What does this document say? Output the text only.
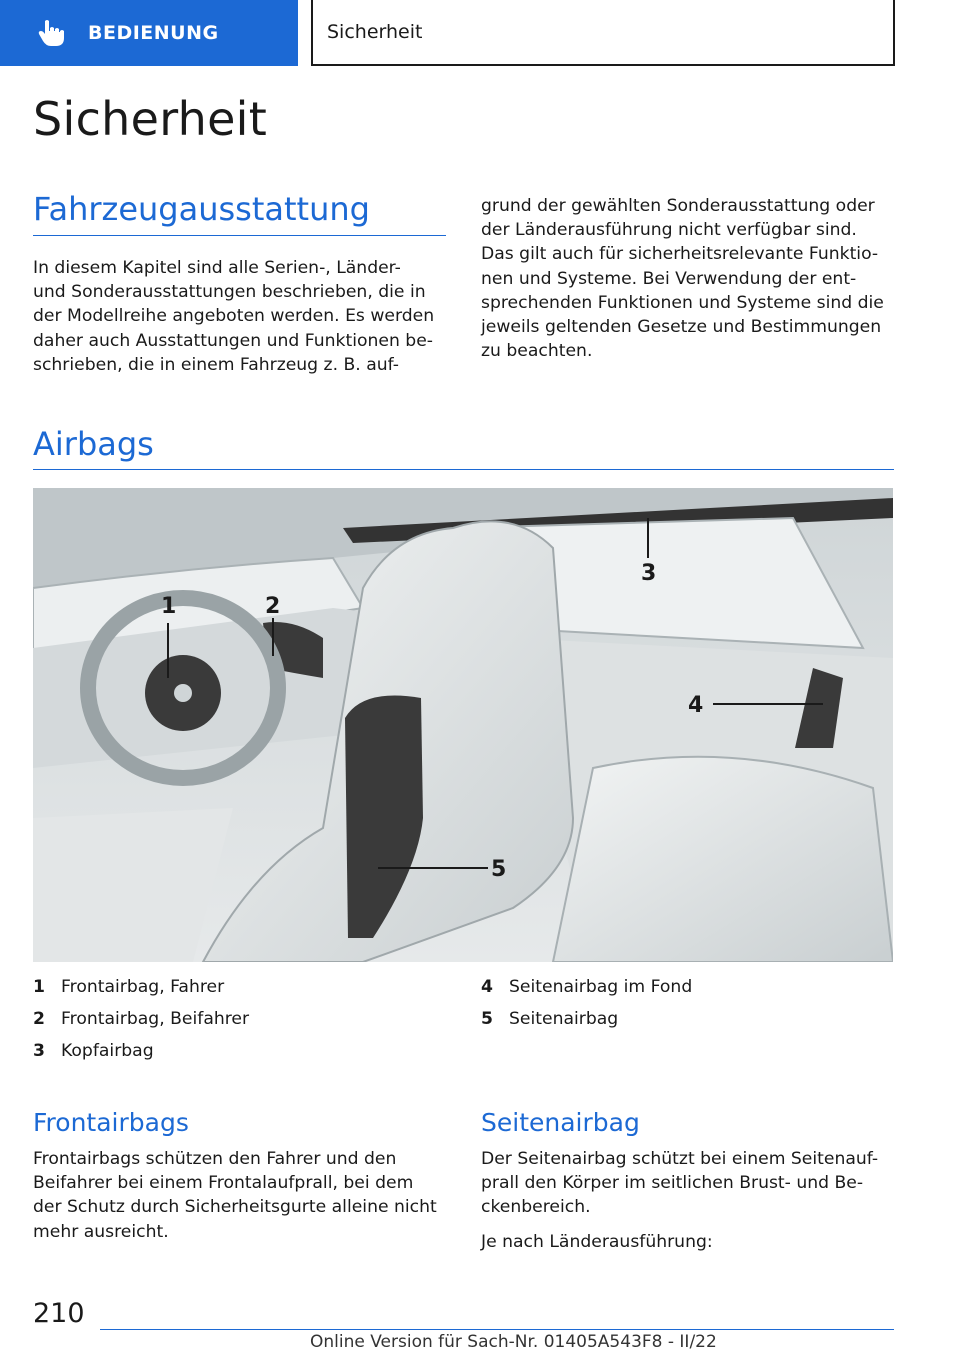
BEDIENUNG	Sicherheit
Sicherheit
Fahrzeugausstattung
In diesem Kapitel sind alle Serien-, Länder-
und Sonderausstattungen beschrieben, die in
der Modellreihe angeboten werden. Es werden
daher auch Ausstattungen und Funktionen be-
schrieben, die in einem Fahrzeug z. B. auf-
grund der gewählten Sonderausstattung oder
der Länderausführung nicht verfügbar sind.
Das gilt auch für sicherheitsrelevante Funktio-
nen und Systeme. Bei Verwendung der ent-
sprechenden Funktionen und Systeme sind die
jeweils geltenden Gesetze und Bestimmungen
zu beachten.
Airbags
1	2
3
4
5
1 Frontairbag, Fahrer
2 Frontairbag, Beifahrer
3 Kopfairbag
4 Seitenairbag im Fond
5 Seitenairbag
Frontairbags
Frontairbags schützen den Fahrer und den
Beifahrer bei einem Frontalaufprall, bei dem
der Schutz durch Sicherheitsgurte alleine nicht
mehr ausreicht.
Seitenairbag
Der Seitenairbag schützt bei einem Seitenauf-
prall den Körper im seitlichen Brust- und Be-
ckenbereich.
Je nach Länderausführung:
210
Online Version für Sach-Nr. 01405A543F8 - II/22
